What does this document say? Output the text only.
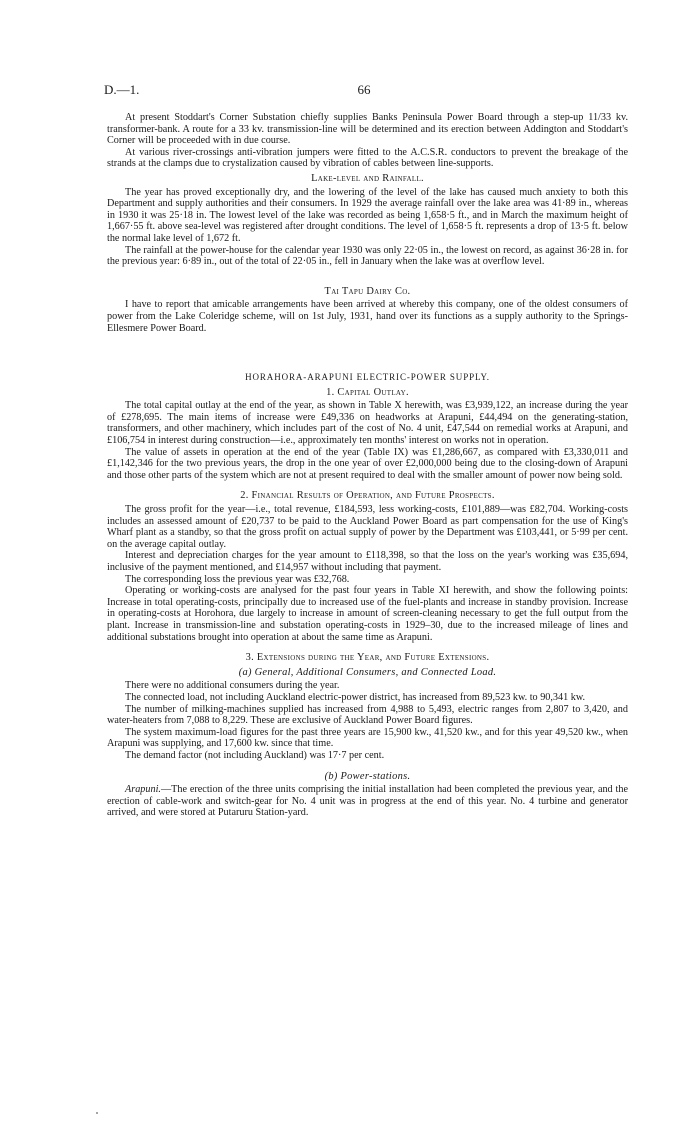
D.—1.	66

At present Stoddart's Corner Substation chiefly supplies Banks Peninsula Power Board through a step-up 11/33 kv. transformer-bank. A route for a 33 kv. transmission-line will be determined and its erection between Addington and Stoddart's Corner will be proceeded with in due course.

At various river-crossings anti-vibration jumpers were fitted to the A.C.S.R. conductors to prevent the breakage of the strands at the clamps due to crystalization caused by vibration of cables between line-supports.

Lake-level and Rainfall.

The year has proved exceptionally dry, and the lowering of the level of the lake has caused much anxiety to both this Department and supply authorities and their consumers. In 1929 the average rainfall over the lake area was 41·89 in., whereas in 1930 it was 25·18 in. The lowest level of the lake was recorded as being 1,658·5 ft., and in March the maximum height of 1,667·55 ft. above sea-level was registered after drought conditions. The level of 1,658·5 ft. represents a drop of 13·5 ft. below the normal lake level of 1,672 ft.

The rainfall at the power-house for the calendar year 1930 was only 22·05 in., the lowest on record, as against 36·28 in. for the previous year: 6·89 in., out of the total of 22·05 in., fell in January when the lake was at overflow level.

Tai Tapu Dairy Co.

I have to report that amicable arrangements have been arrived at whereby this company, one of the oldest consumers of power from the Lake Coleridge scheme, will on 1st July, 1931, hand over its functions as a supply authority to the Springs-Ellesmere Power Board.

HORAHORA-ARAPUNI ELECTRIC-POWER SUPPLY.
1. Capital Outlay.

The total capital outlay at the end of the year, as shown in Table X herewith, was £3,939,122, an increase during the year of £278,695. The main items of increase were £49,336 on headworks at Arapuni, £44,494 on the generating-station, transformers, and other machinery, which includes part of the cost of No. 4 unit, £47,544 on remedial works at Arapuni, and £106,754 in interest during construction—i.e., approximately ten months' interest on works not in operation.

The value of assets in operation at the end of the year (Table IX) was £1,286,667, as compared with £3,330,011 and £1,142,346 for the two previous years, the drop in the one year of over £2,000,000 being due to the closing-down of Arapuni and those other parts of the system which are not at present required to deal with the smaller amount of power now being sold.

2. Financial Results of Operation, and Future Prospects.

The gross profit for the year—i.e., total revenue, £184,593, less working-costs, £101,889—was £82,704. Working-costs includes an assessed amount of £20,737 to be paid to the Auckland Power Board as part compensation for the use of King's Wharf plant as a standby, so that the gross profit on actual supply of power by the Department was £103,441, or 5·99 per cent. on the average capital outlay.

Interest and depreciation charges for the year amount to £118,398, so that the loss on the year's working was £35,694, inclusive of the payment mentioned, and £14,957 without including that payment.

The corresponding loss the previous year was £32,768.

Operating or working-costs are analysed for the past four years in Table XI herewith, and show the following points: Increase in total operating-costs, principally due to increased use of the fuel-plants and increase in standby provision. Increase in operating-costs at Horohora, due largely to increase in amount of screen-cleaning necessary to get the full output from the plant. Increase in transmission-line and substation operating-costs in 1929–30, due to the increased mileage of lines and additional substations brought into operation at about the same time as Arapuni.

3. Extensions during the Year, and Future Extensions.
(a) General, Additional Consumers, and Connected Load.

There were no additional consumers during the year.

The connected load, not including Auckland electric-power district, has increased from 89,523 kw. to 90,341 kw.

The number of milking-machines supplied has increased from 4,988 to 5,493, electric ranges from 2,807 to 3,420, and water-heaters from 7,088 to 8,229. These are exclusive of Auckland Power Board figures.

The system maximum-load figures for the past three years are 15,900 kw., 41,520 kw., and for this year 49,520 kw., when Arapuni was supplying, and 17,600 kw. since that time.

The demand factor (not including Auckland) was 17·7 per cent.

(b) Power-stations.

Arapuni.—The erection of the three units comprising the initial installation had been completed the previous year, and the erection of cable-work and switch-gear for No. 4 unit was in progress at the end of this year. No. 4 turbine and generator arrived, and were stored at Putaruru Station-yard.
